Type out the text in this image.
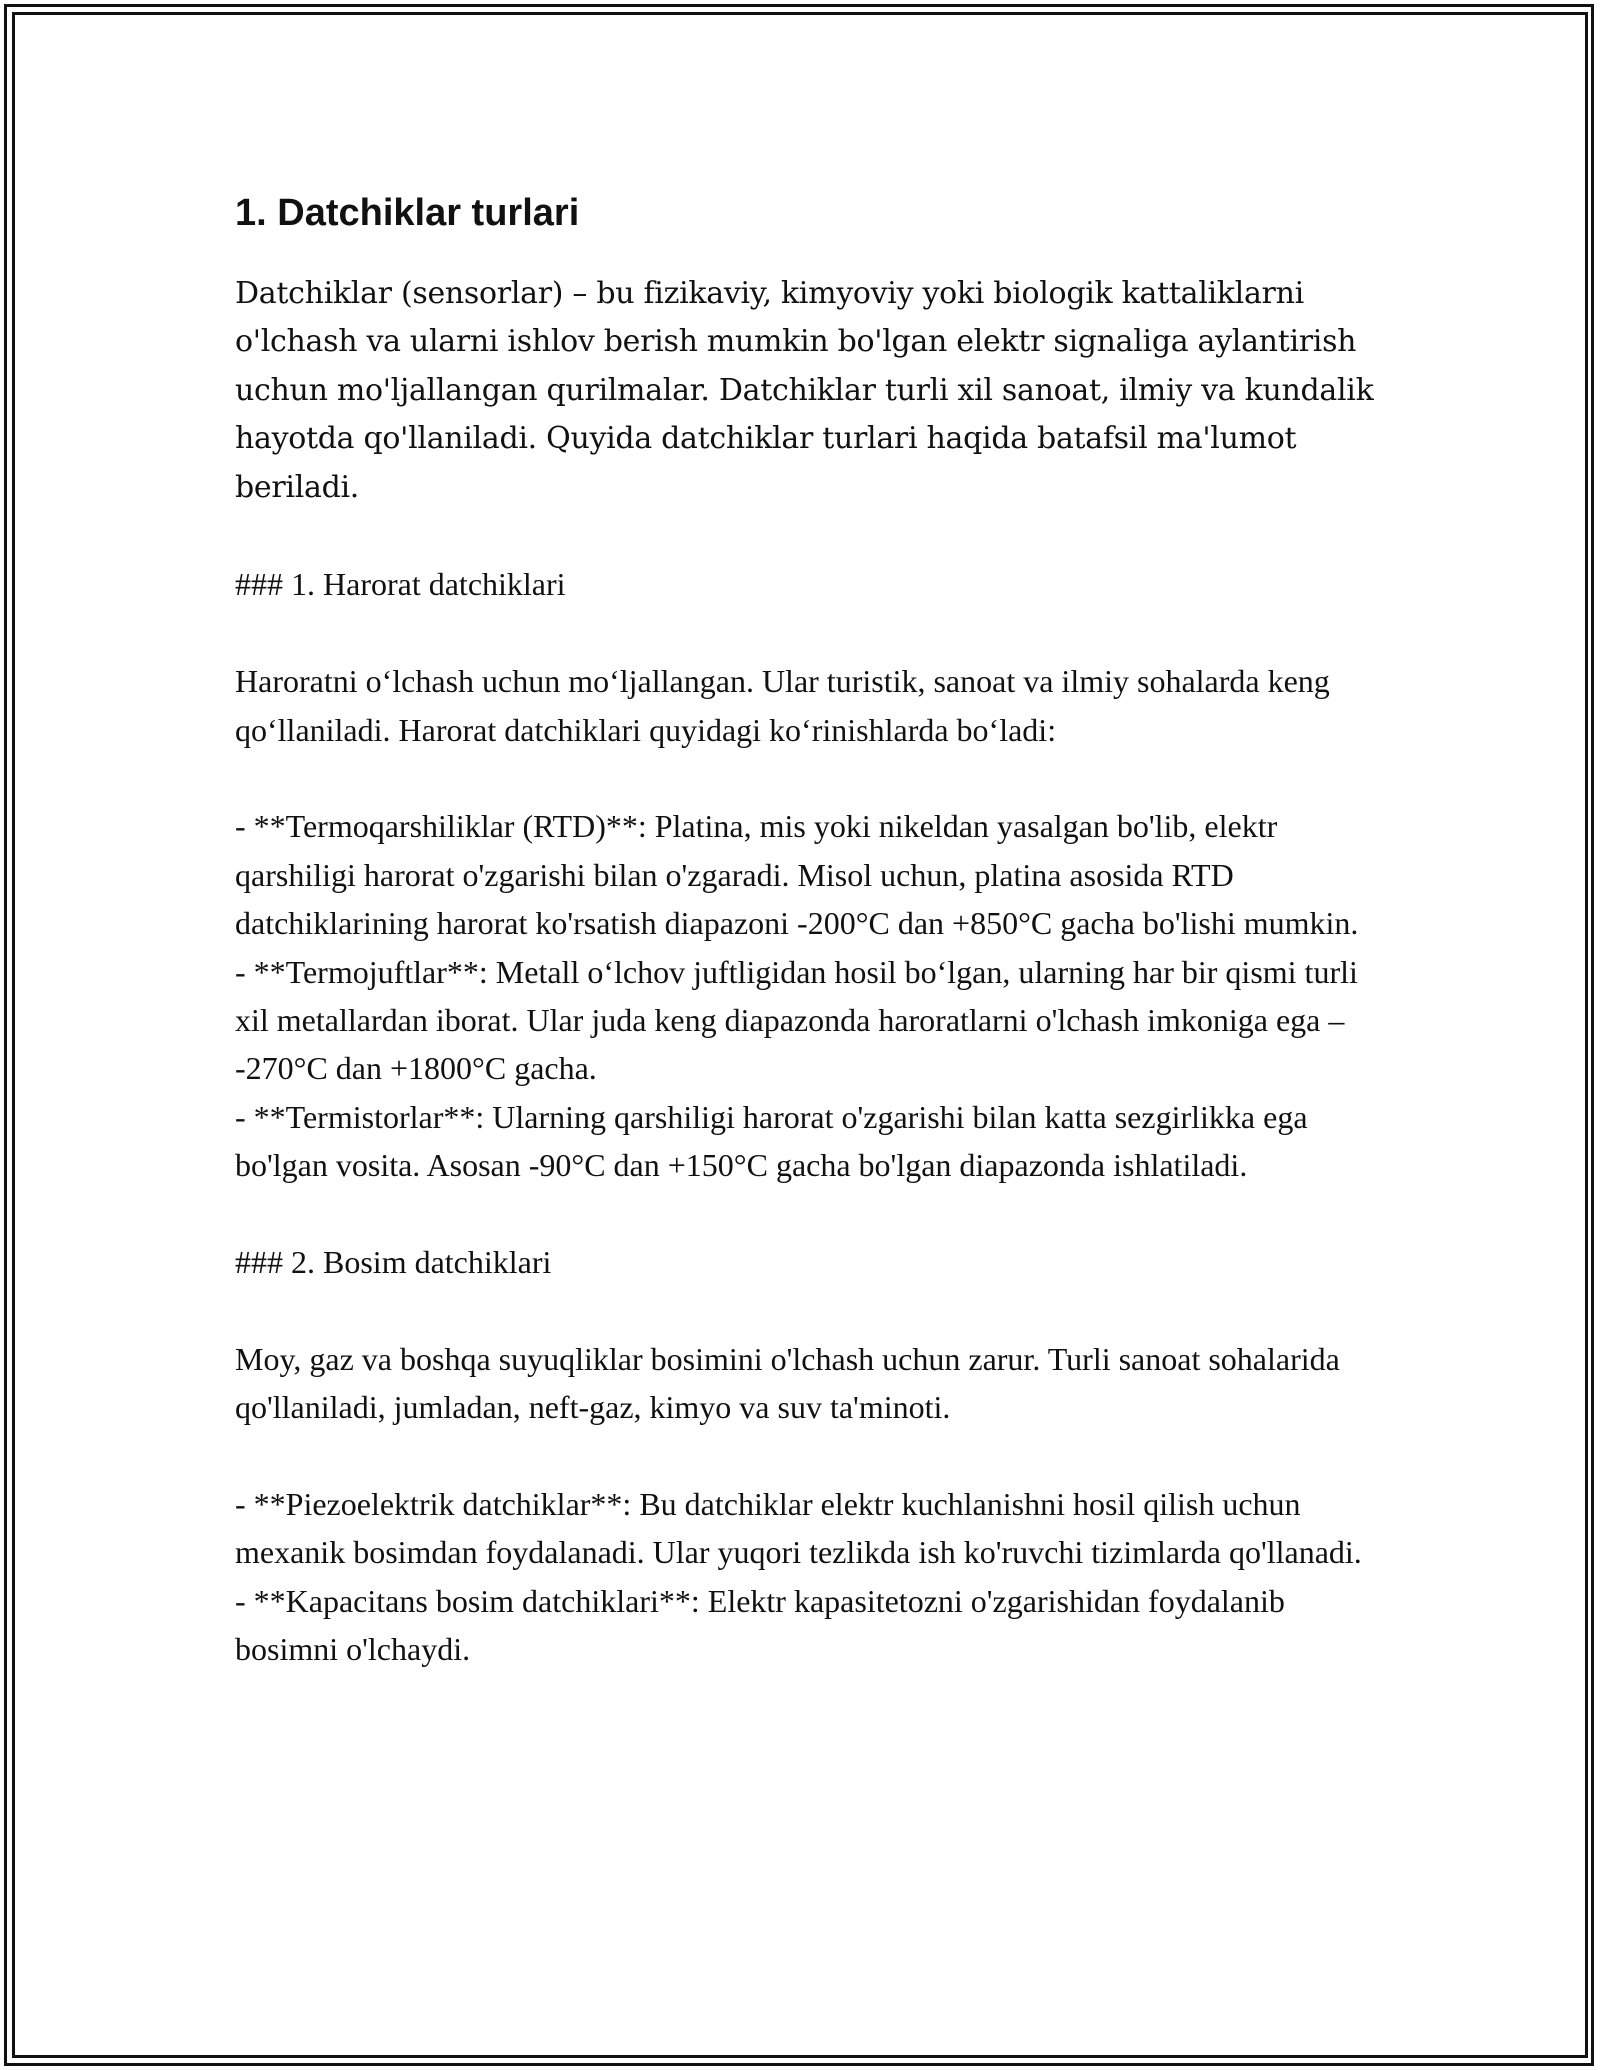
1. Datchiklar turlari

Datchiklar (sensorlar) – bu fizikaviy, kimyoviy yoki biologik kattaliklarni o'lchash va ularni ishlov berish mumkin bo'lgan elektr signaliga aylantirish uchun mo'ljallangan qurilmalar. Datchiklar turli xil sanoat, ilmiy va kundalik hayotda qo'llaniladi. Quyida datchiklar turlari haqida batafsil ma'lumot beriladi.

### 1. Harorat datchiklari

Haroratni o‘lchash uchun mo‘ljallangan. Ular turistik, sanoat va ilmiy sohalarda keng qo‘llaniladi. Harorat datchiklari quyidagi ko‘rinishlarda bo‘ladi:

- **Termoqarshiliklar (RTD)**: Platina, mis yoki nikeldan yasalgan bo'lib, elektr qarshiligi harorat o'zgarishi bilan o'zgaradi. Misol uchun, platina asosida RTD datchiklarining harorat ko'rsatish diapazoni -200°C dan +850°C gacha bo'lishi mumkin.
- **Termojuftlar**: Metall o‘lchov juftligidan hosil bo‘lgan, ularning har bir qismi turli xil metallardan iborat. Ular juda keng diapazonda haroratlarni o'lchash imkoniga ega – -270°C dan +1800°C gacha.
- **Termistorlar**: Ularning qarshiligi harorat o'zgarishi bilan katta sezgirlikka ega bo'lgan vosita. Asosan -90°C dan +150°C gacha bo'lgan diapazonda ishlatiladi.

### 2. Bosim datchiklari

Moy, gaz va boshqa suyuqliklar bosimini o'lchash uchun zarur. Turli sanoat sohalarida qo'llaniladi, jumladan, neft-gaz, kimyo va suv ta'minoti.

- **Piezoelektrik datchiklar**: Bu datchiklar elektr kuchlanishni hosil qilish uchun mexanik bosimdan foydalanadi. Ular yuqori tezlikda ish ko'ruvchi tizimlarda qo'llanadi.
- **Kapacitans bosim datchiklari**: Elektr kapasitetozni o'zgarishidan foydalanib bosimni o'lchaydi.
